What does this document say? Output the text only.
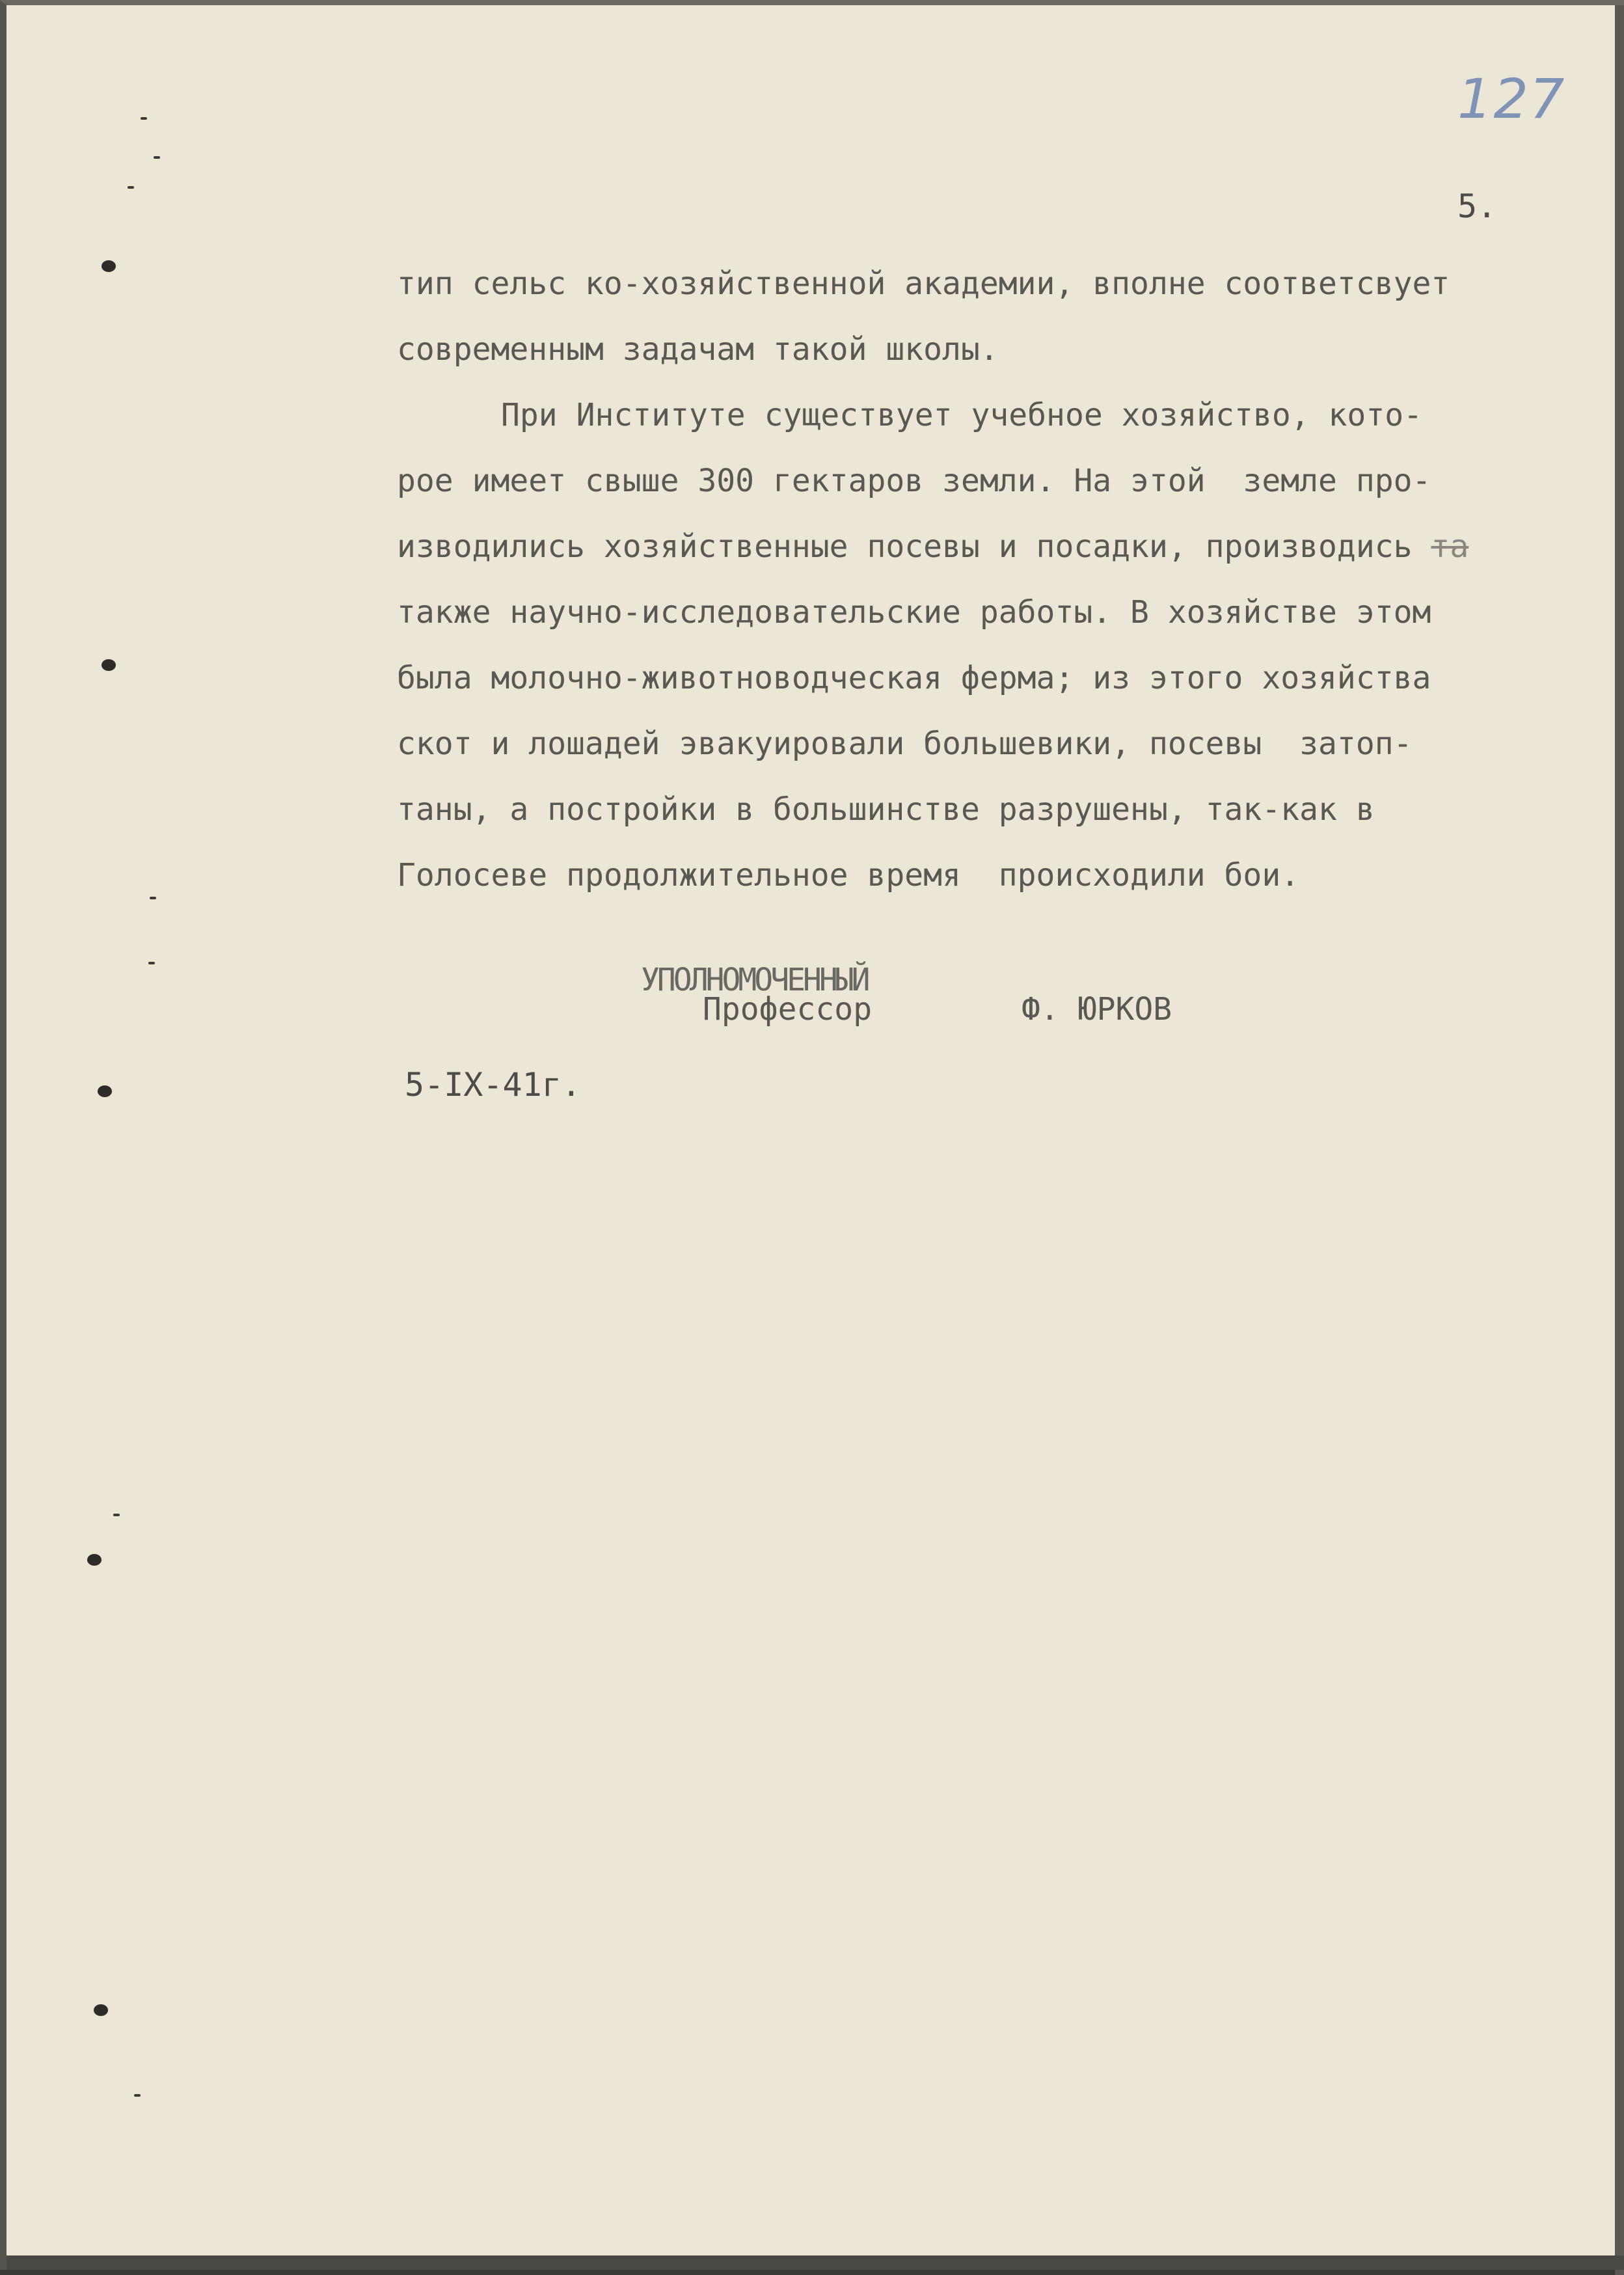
127
5.
тип сельс ко-хозяйственной академии, вполне соответсвует
современным задачам такой школы.
При Институте существует учебное хозяйство, кото-
рое имеет свыше 300 гектаров земли. На этой  земле про-
изводились хозяйственные посевы и посадки, производись та
также научно-исследовательские работы. В хозяйстве этом
была молочно-животноводческая ферма; из этого хозяйства
скот и лошадей эвакуировали большевики, посевы  затоп-
таны, а постройки в большинстве разрушены, так-как в
Голосеве продолжительное время  происходили бои.
УПОЛНОМОЧЕННЫЙ
Профессор	Ф. ЮРКОВ
5-IX-41г.
